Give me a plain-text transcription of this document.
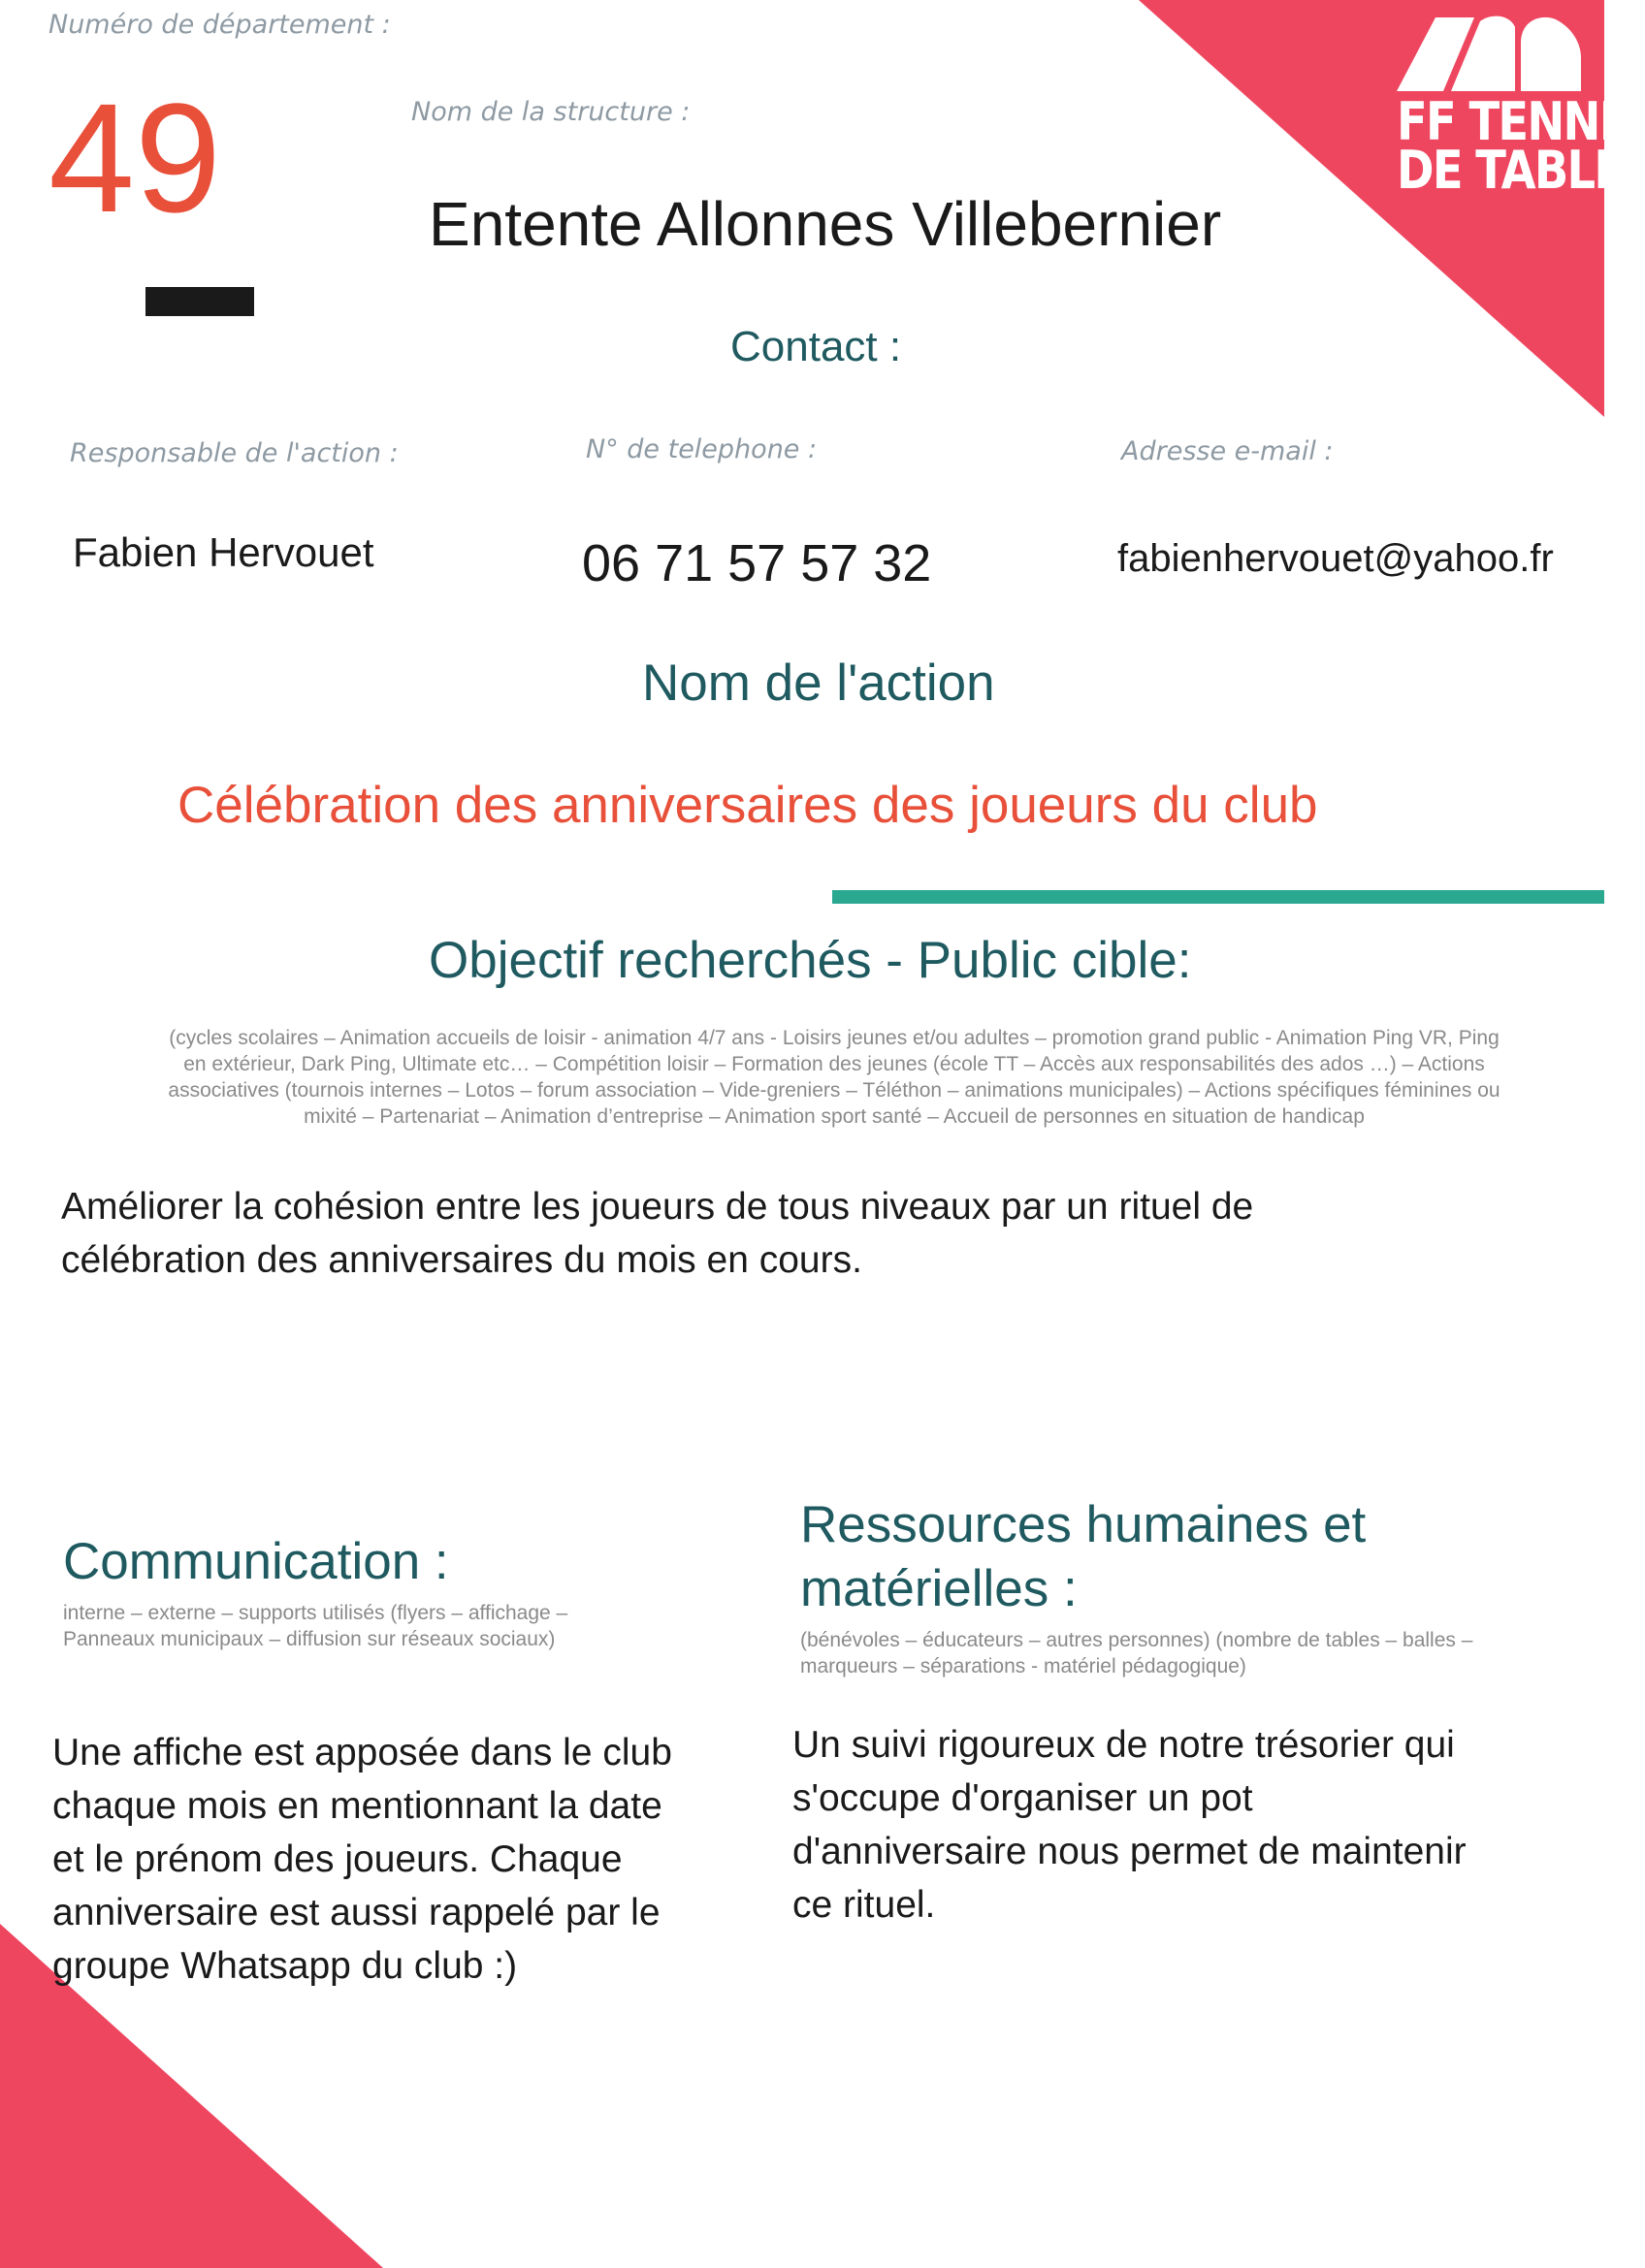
FF TENNIS
DE TABLE
Numéro de département :
49	Nom de la structure :
Entente Allonnes Villebernier
Contact :
Responsable de l'action :	N° de telephone :	Adresse e-mail :
Fabien Hervouet	06 71 57 57 32	fabienhervouet@yahoo.fr
Nom de l'action
Célébration des anniversaires des joueurs du club
Objectif recherchés - Public cible:
(cycles scolaires – Animation accueils de loisir - animation 4/7 ans - Loisirs jeunes et/ou adultes – promotion grand public - Animation Ping VR, Ping en extérieur, Dark Ping, Ultimate etc… – Compétition loisir – Formation des jeunes (école TT – Accès aux responsabilités des ados …) – Actions associatives (tournois internes – Lotos – forum association – Vide-greniers – Téléthon – animations municipales) – Actions spécifiques féminines ou mixité – Partenariat – Animation d’entreprise – Animation sport santé – Accueil de personnes en situation de handicap
Améliorer la cohésion entre les joueurs de tous niveaux par un rituel de célébration des anniversaires du mois en cours.
Communication :
interne – externe – supports utilisés (flyers – affichage – Panneaux municipaux – diffusion sur réseaux sociaux)
Une affiche est apposée dans le club chaque mois en mentionnant la date et le prénom des joueurs. Chaque anniversaire est aussi rappelé par le groupe Whatsapp du club :)
Ressources humaines et matérielles :
(bénévoles – éducateurs – autres personnes) (nombre de tables – balles – marqueurs – séparations - matériel pédagogique)
Un suivi rigoureux de notre trésorier qui s'occupe d'organiser un pot d'anniversaire nous permet de maintenir ce rituel.
